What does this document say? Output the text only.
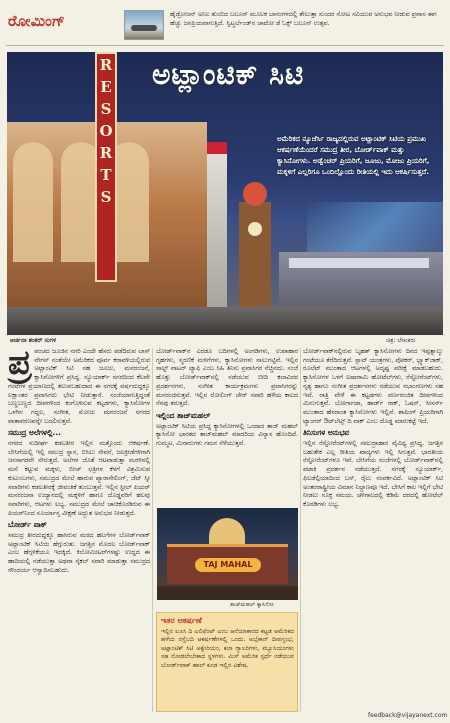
ರೋಮಿಂಗ್	ಹೈಡ್ರೋಜನ್ ಅನಿಲ ತುಂಬಿದ ಬಲೂನ್ ಮೂಲಕ ಬಾನಂಗಳದಲ್ಲಿ ತೇಲುತ್ತಾ ಸುಂದರ ನೋಟ ಸವಿಯುವ ಅನುಭವ ನೀಡುವ ಪ್ರವಾಸ ಈಗ ಹೆಚ್ಚು ಜನಪ್ರಿಯವಾಗುತ್ತಿದೆ. ಸ್ವಿಟ್ಜರ್ಲೆಂಡ್‌ನ ಚಾಟೋ ಡೆ ಓಕ್ಸ್ ಬಲೂನ್ ಉತ್ಸವ.
R
E
S
O
R
T
S
ಅಟ್ಲಾಂಟಿಕ್ ಸಿಟಿ
ಅಮೆರಿಕದ ನ್ಯೂಜೆರ್ಸಿ ರಾಜ್ಯದಲ್ಲಿರುವ ಅಟ್ಲಾಂಟಿಕ್ ಸಿಟಿಯ ಪ್ರಮುಖ ಆಕರ್ಷಣೆಯೆಂದರೆ ಸಮುದ್ರ ತೀರ, ಬೋರ್ಡ್‌ವಾಕ್ ಮತ್ತು ಕ್ಯಾಸಿನೋಗಳು. ಅಡ್ವೆಂಚರ್ ಪ್ರಿಯರಿಗೆ, ಜೂಜು, ಮೋಜು ಪ್ರಿಯರಿಗೆ, ಮಕ್ಕಳಿಗೆ ಎಲ್ಲರಿಗೂ ಒಂದಿಲ್ಲೊಂದು ರೀತಿಯಲ್ಲಿ ಇದು ಆಕರ್ಷಿಸುತ್ತದೆ.
ಅರ್ಚನಾ ಶಂಕರ್ ಸುಗಳ	ಚಿತ್ರ: ಲೇಖಕರು

ಪ್ರ ಪಂಚದ ಜೂಜಿನ ನಗರಿ ಎಂದೇ ಹೆಸರು ಪಡೆದಿರುವ ಲಾಸ್ ವೇಗಸ್ ನಂತೆಯೇ ಅಮೆರಿಕದ ಪೂರ್ವ ಕರಾವಳಿಯಲ್ಲಿರುವ ಅಟ್ಲಾಂಟಿಕ್ ಸಿಟಿ ಸಹ ಜೂಜು, ಮನರಂಜನೆ, ಕ್ಯಾಸಿನೋಗಳಿಗೆ ಪ್ರಸಿದ್ಧ. ನ್ಯೂಯಾರ್ಕ್ ನಗರದಿಂದ ಕೆಲವೇ ಗಂಟೆಗಳ ಪ್ರಯಾಣದಲ್ಲಿ ತಲುಪಬಹುದಾದ ಈ ನಗರಕ್ಕೆ ವರ್ಷದುದ್ದಕ್ಕೂ ಲಕ್ಷಾಂತರ ಪ್ರವಾಸಿಗರು ಭೇಟಿ ನೀಡುತ್ತಾರೆ. ಸಂಜೆಯಾಗುತ್ತಿದ್ದಂತೆ ಬಣ್ಣಬಣ್ಣದ ದೀಪಗಳಿಂದ ಕಂಗೊಳಿಸುವ ಕಟ್ಟಡಗಳು, ಕ್ಯಾಸಿನೋಗಳ ಒಳಗಿನ ಗದ್ದಲ, ಸಂಗೀತ, ಮೋಜು ಮನರಂಜನೆ ನಗರದ ವಾತಾವರಣವನ್ನೇ ಬದಲಿಸುತ್ತವೆ.

ಸಮುದ್ರ ಅಲೆಗಳಲ್ಲಿ...

ನಗರದ ಸುದೀರ್ಘ ಕಡಲತೀರ ಇಲ್ಲಿನ ಮತ್ತೊಂದು ಆಕರ್ಷಣೆ. ಬೇಸಿಗೆಯಲ್ಲಿ ಇಲ್ಲಿ ಸಮುದ್ರ ಸ್ನಾನ, ಬಿಸಿಲು ಸೇವನೆ, ಜಲಕ್ರೀಡೆಗಳಿಗಾಗಿ ಜನಸಾಗರವೇ ಸೇರುತ್ತದೆ. ಅಲೆಗಳ ಜೊತೆ ಆಟವಾಡುತ್ತಾ ಮರಳಿನಲ್ಲಿ ಮನೆ ಕಟ್ಟುವ ಮಕ್ಕಳು, ಬೀಚ್ ಛತ್ರಿಗಳ ಕೆಳಗೆ ವಿಶ್ರಮಿಸುವ ಕುಟುಂಬಗಳು, ಸಮುದ್ರದ ಮೇಲೆ ಹಾರುವ ಪ್ಯಾರಾಸೇಲಿಂಗ್, ಜೆಟ್ ಸ್ಕೀ ಸವಾರಿಗಳು ಕಡಲತೀರಕ್ಕೆ ಜೀವಂತಿಕೆ ತುಂಬುತ್ತವೆ. ಇಲ್ಲಿನ ಸ್ಟೀಲ್ ಪಿಯರ್ ಮನರಂಜನಾ ಉದ್ಯಾನದಲ್ಲಿ ಮಕ್ಕಳಿಗೆ ಹಾಗೂ ದೊಡ್ಡವರಿಗೆ ಹಲವು ಸವಾರಿಗಳು, ಆಟಗಳು ಲಭ್ಯ. ಸಮುದ್ರದ ಮೇಲೆ ಚಾಚಿಕೊಂಡಿರುವ ಈ ಪಿಯರ್‌ನಿಂದ ಸೂರ್ಯಾಸ್ತ ವೀಕ್ಷಣೆ ಅದ್ಭುತ ಅನುಭವ ನೀಡುತ್ತದೆ.

ಬೋರ್ಡ್ ವಾಕ್

ಸಮುದ್ರ ತೀರದುದ್ದಕ್ಕೂ ಹಾಸಿರುವ ಮರದ ಹಲಗೆಗಳ ಬೋರ್ಡ್‌ವಾಕ್ ಅಟ್ಲಾಂಟಿಕ್ ಸಿಟಿಯ ಹೆಗ್ಗುರುತು. ಜಗತ್ತಿನ ಮೊದಲ ಬೋರ್ಡ್‌ವಾಕ್ ಎಂಬ ಹೆಗ್ಗಳಿಕೆಯೂ ಇದಕ್ಕಿದೆ. ಕಿಲೋಮೀಟರ್‌ಗಳಷ್ಟು ಉದ್ದದ ಈ ಹಾದಿಯಲ್ಲಿ ನಡೆಯುತ್ತಾ ಅಥವಾ ಸೈಕಲ್ ಸವಾರಿ ಮಾಡುತ್ತಾ ಸಮುದ್ರದ ಸೌಂದರ್ಯ ಆಸ್ವಾದಿಸಬಹುದು.

ಬೋರ್ಡ್‌ವಾಕ್‌ನ ಎರಡೂ ಬದಿಗಳಲ್ಲಿ ಅಂಗಡಿಗಳು, ಉಪಾಹಾರ ಗೃಹಗಳು, ಸ್ಮರಣಿಕೆ ಮಳಿಗೆಗಳು, ಕ್ಯಾಸಿನೋಗಳು ಸಾಲುಗಟ್ಟಿವೆ. ಇಲ್ಲಿನ ಸಾಲ್ಟ್ ವಾಟರ್ ಟ್ಯಾಫಿ ಎಂಬ ಸಿಹಿ ತಿನಿಸು ಪ್ರವಾಸಿಗರ ನೆಚ್ಚಿನದು. ಸಂಜೆ ಹೊತ್ತು ಬೋರ್ಡ್‌ವಾಕ್‌ನಲ್ಲಿ ನಡೆಯುವ ಬೀದಿ ಕಲಾವಿದರ ಪ್ರದರ್ಶನಗಳು, ಸಂಗೀತ ಕಾರ್ಯಕ್ರಮಗಳು ಪ್ರವಾಸಿಗರನ್ನು ಮನರಂಜಿಸುತ್ತವೆ. ಇಲ್ಲಿನ ರೋಲಿಂಗ್ ಚೇರ್ ಸವಾರಿ ಹಳೆಯ ಕಾಲದ ನೆನಪು ತರುತ್ತದೆ.

ಇಲ್ಲಿಂದ ತಾಜ್‌ಮಹಲ್

ಅಟ್ಲಾಂಟಿಕ್ ಸಿಟಿಯ ಪ್ರಸಿದ್ಧ ಕ್ಯಾಸಿನೋಗಳಲ್ಲಿ ಒಂದಾದ ತಾಜ್ ಮಹಲ್ ಕ್ಯಾಸಿನೋ ಭಾರತದ ತಾಜ್‌ಮಹಲ್ ಮಾದರಿಯ ವಿನ್ಯಾಸ ಹೊಂದಿದೆ. ಗುಮ್ಮಟ, ಮಿನಾರುಗಳು ಗಮನ ಸೆಳೆಯುತ್ತವೆ.

TAJ MAHAL
ತಾಜ್‌ಮಹಲ್ ಕ್ಯಾಸಿನೋ
ಇತರ ಆಕರ್ಷಣೆ
ಇಲ್ಲಿನ ಲೂಸಿ ದಿ ಎಲಿಫೆಂಟ್ ಎಂಬ ಆನೆಯಾಕಾರದ ಕಟ್ಟಡ ಅಮೆರಿಕದ ಹಳೆಯ ರಸ್ತೆಬದಿ ಆಕರ್ಷಣೆಗಳಲ್ಲಿ ಒಂದು. ಅಬ್ಸೆಕಾನ್ ದೀಪಸ್ತಂಭ, ಅಟ್ಲಾಂಟಿಕ್ ಸಿಟಿ ಅಕ್ವೇರಿಯಂ, ಕಲಾ ಗ್ಯಾಲರಿಗಳು, ಮ್ಯೂಸಿಯಂಗಳು ಸಹ ನೋಡಲೇಬೇಕಾದ ಸ್ಥಳಗಳು. ಮಿಸ್ ಅಮೆರಿಕ ಸ್ಪರ್ಧೆ ನಡೆಯುವ ಬೋರ್ಡ್‌ವಾಕ್ ಹಾಲ್ ಕೂಡ ಇಲ್ಲಿನ ವಿಶೇಷ.

ಬೋರ್ಡ್‌ವಾಕ್‌ನಲ್ಲಿರುವ ಬೃಹತ್ ಕ್ಯಾಸಿನೋಗಳು ದಿನದ ಇಪ್ಪತ್ನಾಲ್ಕು ಗಂಟೆಯೂ ತೆರೆದಿರುತ್ತವೆ. ಸ್ಲಾಟ್ ಯಂತ್ರಗಳು, ಪೋಕರ್, ಬ್ಲ್ಯಾಕ್‌ಜಾಕ್, ರೂಲೆಟ್ ಮುಂತಾದ ಆಟಗಳಲ್ಲಿ ಅದೃಷ್ಟ ಪರೀಕ್ಷೆ ಮಾಡಬಹುದು. ಕ್ಯಾಸಿನೋಗಳ ಒಳಗೆ ಐಷಾರಾಮಿ ಹೋಟೆಲ್‌ಗಳು, ರೆಸ್ಟೋರೆಂಟ್‌ಗಳು, ನೃತ್ಯ ಹಾಗೂ ಸಂಗೀತ ಪ್ರದರ್ಶನಗಳು ನಡೆಯುವ ಸಭಾಂಗಣಗಳು ಸಹ ಇವೆ. ರಾತ್ರಿ ವೇಳೆ ಈ ಕಟ್ಟಡಗಳು ವರ್ಣರಂಜಿತ ದೀಪಗಳಿಂದ ಮಿನುಗುತ್ತವೆ. ಬೋರ್ಗಾಟಾ, ಹಾರ್ಡ್ ರಾಕ್, ಓಷನ್, ಸೀಸರ್ಸ್ ಮುಂತಾದ ಹೆಸರಾಂತ ಕ್ಯಾಸಿನೋಗಳು ಇಲ್ಲಿವೆ. ಶಾಪಿಂಗ್ ಪ್ರಿಯರಿಗಾಗಿ ಟ್ಯಾಂಗರ್ ಔಟ್‌ಲೆಟ್ಸ್ ದಿ ವಾಕ್ ಎಂಬ ದೊಡ್ಡ ಮಾರುಕಟ್ಟೆ ಇದೆ.

ತಿನಿಸುಗಳ ಅನುಭವ

ಇಲ್ಲಿನ ರೆಸ್ಟೋರೆಂಟ್‌ಗಳಲ್ಲಿ ಸಮುದ್ರಾಹಾರ ವೈವಿಧ್ಯ ಪ್ರಸಿದ್ಧ. ಜಗತ್ತಿನ ಬಹುತೇಕ ಎಲ್ಲ ರೀತಿಯ ಖಾದ್ಯಗಳು ಇಲ್ಲಿ ಸಿಗುತ್ತವೆ. ಭಾರತೀಯ ರೆಸ್ಟೋರೆಂಟ್‌ಗಳೂ ಇವೆ. ಬೇಸಿಗೆಯ ಸಂಜೆಗಳಲ್ಲಿ ಬೋರ್ಡ್‌ವಾಕ್‌ನಲ್ಲಿ ಪಟಾಕಿ ಪ್ರದರ್ಶನ ನಡೆಯುತ್ತದೆ. ನಗರಕ್ಕೆ ನ್ಯೂಯಾರ್ಕ್, ಫಿಲಡೆಲ್ಫಿಯಾದಿಂದ ಬಸ್, ರೈಲು ಸಂಪರ್ಕವಿದೆ. ಅಟ್ಲಾಂಟಿಕ್ ಸಿಟಿ ಅಂತರರಾಷ್ಟ್ರೀಯ ವಿಮಾನ ನಿಲ್ದಾಣವೂ ಇದೆ. ಬೇಸಿಗೆ ಕಾಲ ಇಲ್ಲಿಗೆ ಭೇಟಿ ನೀಡಲು ಸೂಕ್ತ ಸಮಯ. ಚಳಿಗಾಲದಲ್ಲಿ ಕಡಿಮೆ ದರದಲ್ಲಿ ಹೋಟೆಲ್ ಕೊಠಡಿಗಳು ಲಭ್ಯ.

feedback@vijayanext.com
